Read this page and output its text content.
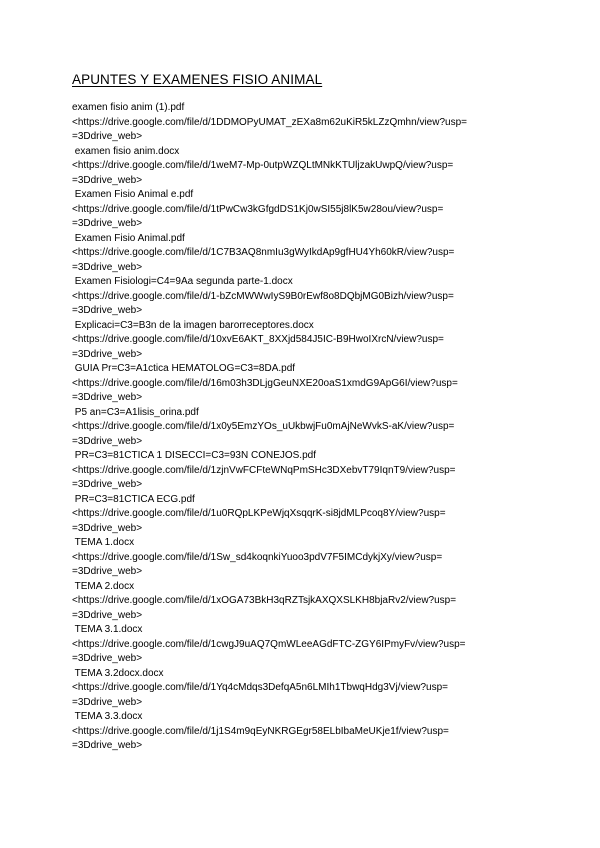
APUNTES Y EXAMENES FISIO ANIMAL
examen fisio anim (1).pdf
<https://drive.google.com/file/d/1DDMOPyUMAT_zEXa8m62uKiR5kLZzQmhn/view?usp=
=3Ddrive_web>
examen fisio anim.docx
<https://drive.google.com/file/d/1weM7-Mp-0utpWZQLtMNkKTUljzakUwpQ/view?usp=
=3Ddrive_web>
Examen Fisio Animal e.pdf
<https://drive.google.com/file/d/1tPwCw3kGfgdDS1Kj0wSI55j8lK5w28ou/view?usp=
=3Ddrive_web>
Examen Fisio Animal.pdf
<https://drive.google.com/file/d/1C7B3AQ8nmIu3gWyIkdAp9gfHU4Yh60kR/view?usp=
=3Ddrive_web>
Examen Fisiologi=C4=9Aa segunda parte-1.docx
<https://drive.google.com/file/d/1-bZcMWWwIyS9B0rEwf8o8DQbjMG0Bizh/view?usp=
=3Ddrive_web>
Explicaci=C3=B3n de la imagen barorreceptores.docx
<https://drive.google.com/file/d/10xvE6AKT_8XXjd584J5IC-B9HwoIXrcN/view?usp=
=3Ddrive_web>
GUIA Pr=C3=A1ctica HEMATOLOG=C3=8DA.pdf
<https://drive.google.com/file/d/16m03h3DLjgGeuNXE20oaS1xmdG9ApG6I/view?usp=
=3Ddrive_web>
P5 an=C3=A1lisis_orina.pdf
<https://drive.google.com/file/d/1x0y5EmzYOs_uUkbwjFu0mAjNeWvkS-aK/view?usp=
=3Ddrive_web>
PR=C3=81CTICA 1 DISECCI=C3=93N CONEJOS.pdf
<https://drive.google.com/file/d/1zjnVwFCFteWNqPmSHc3DXebvT79IqnT9/view?usp=
=3Ddrive_web>
PR=C3=81CTICA ECG.pdf
<https://drive.google.com/file/d/1u0RQpLKPeWjqXsqqrK-si8jdMLPcoq8Y/view?usp=
=3Ddrive_web>
TEMA 1.docx
<https://drive.google.com/file/d/1Sw_sd4koqnkiYuoo3pdV7F5IMCdykjXy/view?usp=
=3Ddrive_web>
TEMA 2.docx
<https://drive.google.com/file/d/1xOGA73BkH3qRZTsjkAXQXSLKH8bjaRv2/view?usp=
=3Ddrive_web>
TEMA 3.1.docx
<https://drive.google.com/file/d/1cwgJ9uAQ7QmWLeeAGdFTC-ZGY6IPmyFv/view?usp=
=3Ddrive_web>
TEMA 3.2docx.docx
<https://drive.google.com/file/d/1Yq4cMdqs3DefqA5n6LMIh1TbwqHdg3Vj/view?usp=
=3Ddrive_web>
TEMA 3.3.docx
<https://drive.google.com/file/d/1j1S4m9qEyNKRGEgr58ELbIbaMeUKje1f/view?usp=
=3Ddrive_web>
